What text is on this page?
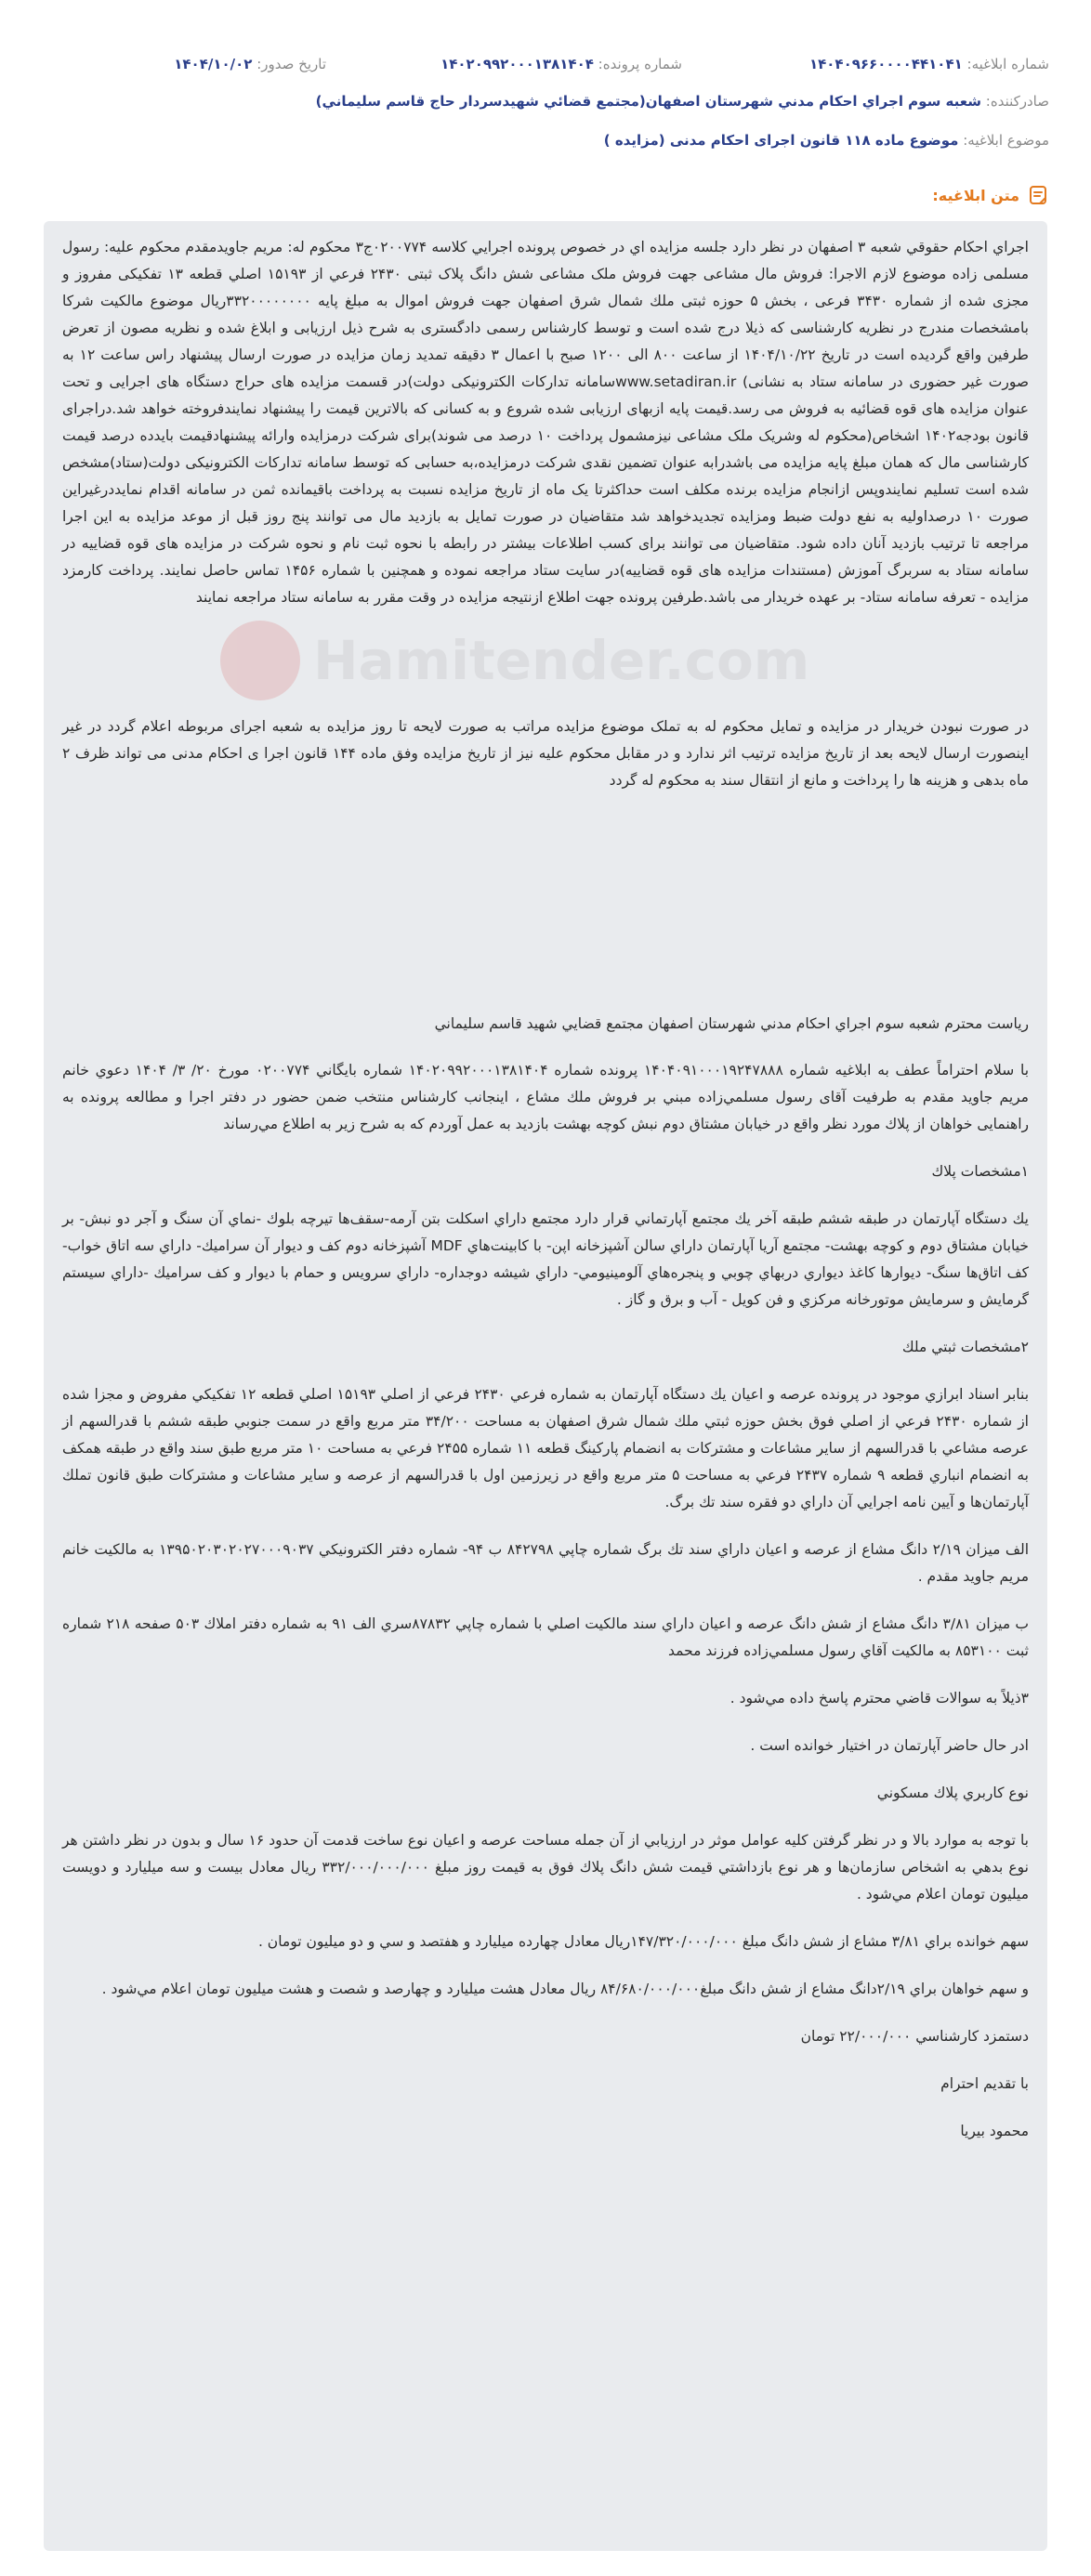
شماره ابلاغیه: ۱۴۰۴۰۹۶۶۰۰۰۰۴۴۱۰۴۱
شماره پرونده: ۱۴۰۲۰۹۹۲۰۰۰۱۳۸۱۴۰۴
تاریخ صدور: ۱۴۰۴/۱۰/۰۲
صادرکننده: شعبه سوم اجراي احكام مدني شهرستان اصفهان(مجتمع قضائي شهيدسردار حاج قاسم سليماني)
موضوع ابلاغیه: موضوع ماده ۱۱۸ قانون اجرای احکام مدنی (مزایده )
متن ابلاغیه:
Hamitender.com

اجراي احكام حقوقي شعبه ۳ اصفهان در نظر دارد جلسه مزايده اي در خصوص پرونده اجرايي كلاسه ۰۲۰۰۷۷۴ج۳ محکوم له: مریم جاویدمقدم محکوم علیه: رسول مسلمی زاده موضوع لازم الاجرا: فروش مال مشاعی جهت فروش ملک مشاعی شش دانگ پلاک ثبتی ۲۴۳۰ فرعي از ۱۵۱۹۳ اصلي قطعه ۱۳ تفکیکی مفروز و مجزی شده از شماره ۳۴۳۰ فرعی ، بخش ۵ حوزه ثبتی ملك شمال شرق اصفهان جهت فروش اموال به مبلغ پایه ۳۳۲۰۰۰۰۰۰۰۰ريال موضوع مالکیت شرکا بامشخصات مندرج در نظریه کارشناسی که ذیلا درج شده است و توسط کارشناس رسمی دادگستری به شرح ذیل ارزیابی و ابلاغ شده و نظریه مصون از تعرض طرفین واقع گردیده است در تاریخ ۱۴۰۴/۱۰/۲۲ از ساعت ۸۰۰ الی ۱۲۰۰ صبح با اعمال ۳ دقیقه تمدید زمان مزایده در صورت ارسال پیشنهاد راس ساعت ۱۲ به صورت غیر حضوری در سامانه ستاد به نشانی) www.setadiran.irسامانه تدارکات الکترونیکی دولت)در قسمت مزایده های حراج دستگاه های اجرایی و تحت عنوان مزایده های قوه قضائیه به فروش می رسد.قیمت پایه ازبهای ارزیابی شده شروع و به کسانی که بالاترین قیمت را پیشنهاد نمایندفروخته خواهد شد.دراجرای قانون بودجه۱۴۰۲ اشخاص(محکوم له وشریک ملک مشاعی نیزمشمول پرداخت ۱۰ درصد می شوند)برای شرکت درمزایده وارائه پیشنهادقیمت بایدده درصد قیمت کارشناسی مال که همان مبلغ پایه مزایده می باشدرابه عنوان تضمین نقدی شرکت درمزایده،به حسابی که توسط سامانه تدارکات الکترونیکی دولت(ستاد)مشخص شده است تسلیم نمایندوپس ازانجام مزایده برنده مکلف است حداکثرتا یک ماه از تاریخ مزایده نسبت به پرداخت باقیمانده ثمن در سامانه اقدام نمایددرغیراین صورت ۱۰ درصداولیه به نفع دولت ضبط ومزایده تجدیدخواهد شد متقاضیان در صورت تمایل به بازدید مال می توانند پنج روز قبل از موعد مزایده به این اجرا مراجعه تا ترتیب بازدید آنان داده شود. متقاضیان می توانند برای کسب اطلاعات بیشتر در رابطه با نحوه ثبت نام و نحوه شرکت در مزایده های قوه قضاییه در سامانه ستاد به سربرگ آموزش (مستندات مزایده های قوه قضاییه)در سایت ستاد مراجعه نموده و همچنین با شماره ۱۴۵۶ تماس حاصل نمایند. پرداخت کارمزد مزایده - تعرفه سامانه ستاد- بر عهده خریدار می باشد.طرفین پرونده جهت اطلاع ازنتیجه مزایده در وقت مقرر به سامانه ستاد مراجعه نمایند

در صورت نبودن خریدار در مزایده و تمایل محکوم له به تملک موضوع مزایده مراتب به صورت لایحه تا روز مزایده به شعبه اجرای مربوطه اعلام گردد در غیر اینصورت ارسال لایحه بعد از تاریخ مزایده ترتیب اثر ندارد و در مقابل محکوم علیه نیز از تاریخ مزایده وفق ماده ۱۴۴ قانون اجرا ی احکام مدنی می تواند ظرف ۲ ماه بدهی و هزینه ها را پرداخت و مانع از انتقال سند به محکوم له گردد

رياست محترم شعبه سوم اجراي احكام مدني شهرستان اصفهان مجتمع قضايي شهيد قاسم سليماني

با سلام احتراماً عطف به ابلاغیه شماره ۱۴۰۴۰۹۱۰۰۰۱۹۲۴۷۸۸۸ پرونده شماره ۱۴۰۲۰۹۹۲۰۰۰۱۳۸۱۴۰۴ شماره بايگاني ۰۲۰۰۷۷۴ مورخ ۲۰/ ۳/ ۱۴۰۴ دعوي خانم مریم جاوید مقدم به طرفیت آقای رسول مسلمي‌زاده مبني بر فروش ملك مشاع ، اينجانب كارشناس منتخب ضمن حضور در دفتر اجرا و مطالعه پرونده به راهنمایی خواهان از پلاك مورد نظر واقع در خيابان مشتاق دوم نبش كوچه بهشت بازديد به عمل آوردم كه به شرح زير به اطلاع مي‌رساند

۱مشخصات پلاك

يك دستگاه آپارتمان در طبقه ششم طبقه آخر يك مجتمع آپارتماني قرار دارد مجتمع داراي اسكلت بتن آرمه-سقف‌ها تيرچه بلوك -نماي آن سنگ و آجر دو نبش- بر خيابان مشتاق دوم و كوچه بهشت- مجتمع آريا آپارتمان داراي سالن آشپزخانه اپن- با كابينت‌هاي MDF آشپزخانه دوم كف و ديوار آن سراميك- داراي سه اتاق خواب- كف اتاق‌ها سنگ- ديوارها كاغذ ديواري دربهاي چوبي و پنجره‌هاي آلومينيومي- داراي شيشه دوجداره- داراي سرويس و حمام با ديوار و كف سراميك -داراي سيستم گرمايش و سرمايش موتورخانه مركزي و فن كويل - آب و برق و گاز .

۲مشخصات ثبتي ملك

بنابر اسناد ابرازي موجود در پرونده عرصه و اعيان يك دستگاه آپارتمان به شماره فرعي ۲۴۳۰ فرعي از اصلي ۱۵۱۹۳ اصلي قطعه ۱۲ تفكيكي مفروض و مجزا شده از شماره ۲۴۳۰ فرعي از اصلي فوق بخش حوزه ثبتي ملك شمال شرق اصفهان به مساحت ۳۴/۲۰۰ متر مربع واقع در سمت جنوبي طبقه ششم با قدرالسهم از عرصه مشاعي با قدرالسهم از ساير مشاعات و مشتركات به انضمام پاركينگ قطعه ۱۱ شماره ۲۴۵۵ فرعي به مساحت ۱۰ متر مربع طبق سند واقع در طبقه همكف به انضمام انباري قطعه ۹ شماره ۲۴۳۷ فرعي به مساحت ۵ متر مربع واقع در زيرزمين اول با قدرالسهم از عرصه و ساير مشاعات و مشتركات طبق قانون تملك آپارتمان‌ها و آيين نامه اجرايي آن داراي دو فقره سند تك برگ.

الف ميزان ۲/۱۹ دانگ مشاع از عرصه و اعيان داراي سند تك برگ شماره چاپي ۸۴۲۷۹۸ ب ۹۴- شماره دفتر الكترونيكي ۱۳۹۵۰۲۰۳۰۲۰۲۷۰۰۰۹۰۳۷ به مالكيت خانم مريم جاويد مقدم .

ب ميزان ۳/۸۱ دانگ مشاع از شش دانگ عرصه و اعيان داراي سند مالكيت اصلي با شماره چاپي ۸۷۸۳۲سري الف ۹۱ به شماره دفتر املاك ۵۰۳ صفحه ۲۱۸ شماره ثبت ۸۵۳۱۰۰ به مالكيت آقاي رسول مسلمي‌زاده فرزند محمد

۳ذيلاً به سوالات قاضي محترم پاسخ داده مي‌شود .

ادر حال حاضر آپارتمان در اختيار خوانده است .

نوع كاربري پلاك مسكوني

با توجه به موارد بالا و در نظر گرفتن كليه عوامل موثر در ارزيابي از آن جمله مساحت عرصه و اعيان نوع ساخت قدمت آن حدود ۱۶ سال و بدون در نظر داشتن هر نوع بدهي به اشخاص سازمان‌ها و هر نوع بازداشتي قيمت شش دانگ پلاك فوق به قيمت روز مبلغ ۳۳۲/۰۰۰/۰۰۰/۰۰۰ ريال معادل بيست و سه ميليارد و دويست ميليون تومان اعلام مي‌شود .

سهم خوانده براي ۳/۸۱ مشاع از شش دانگ مبلغ ۱۴۷/۳۲۰/۰۰۰/۰۰۰ريال معادل چهارده ميليارد و هفتصد و سي و دو ميليون تومان .

و سهم خواهان براي ۲/۱۹دانگ مشاع از شش دانگ مبلغ۸۴/۶۸۰/۰۰۰/۰۰۰ ريال معادل هشت ميليارد و چهارصد و شصت و هشت ميليون تومان اعلام مي‌شود .

دستمزد كارشناسي ۲۲/۰۰۰/۰۰۰ تومان

با تقديم احترام

محمود بيريا
